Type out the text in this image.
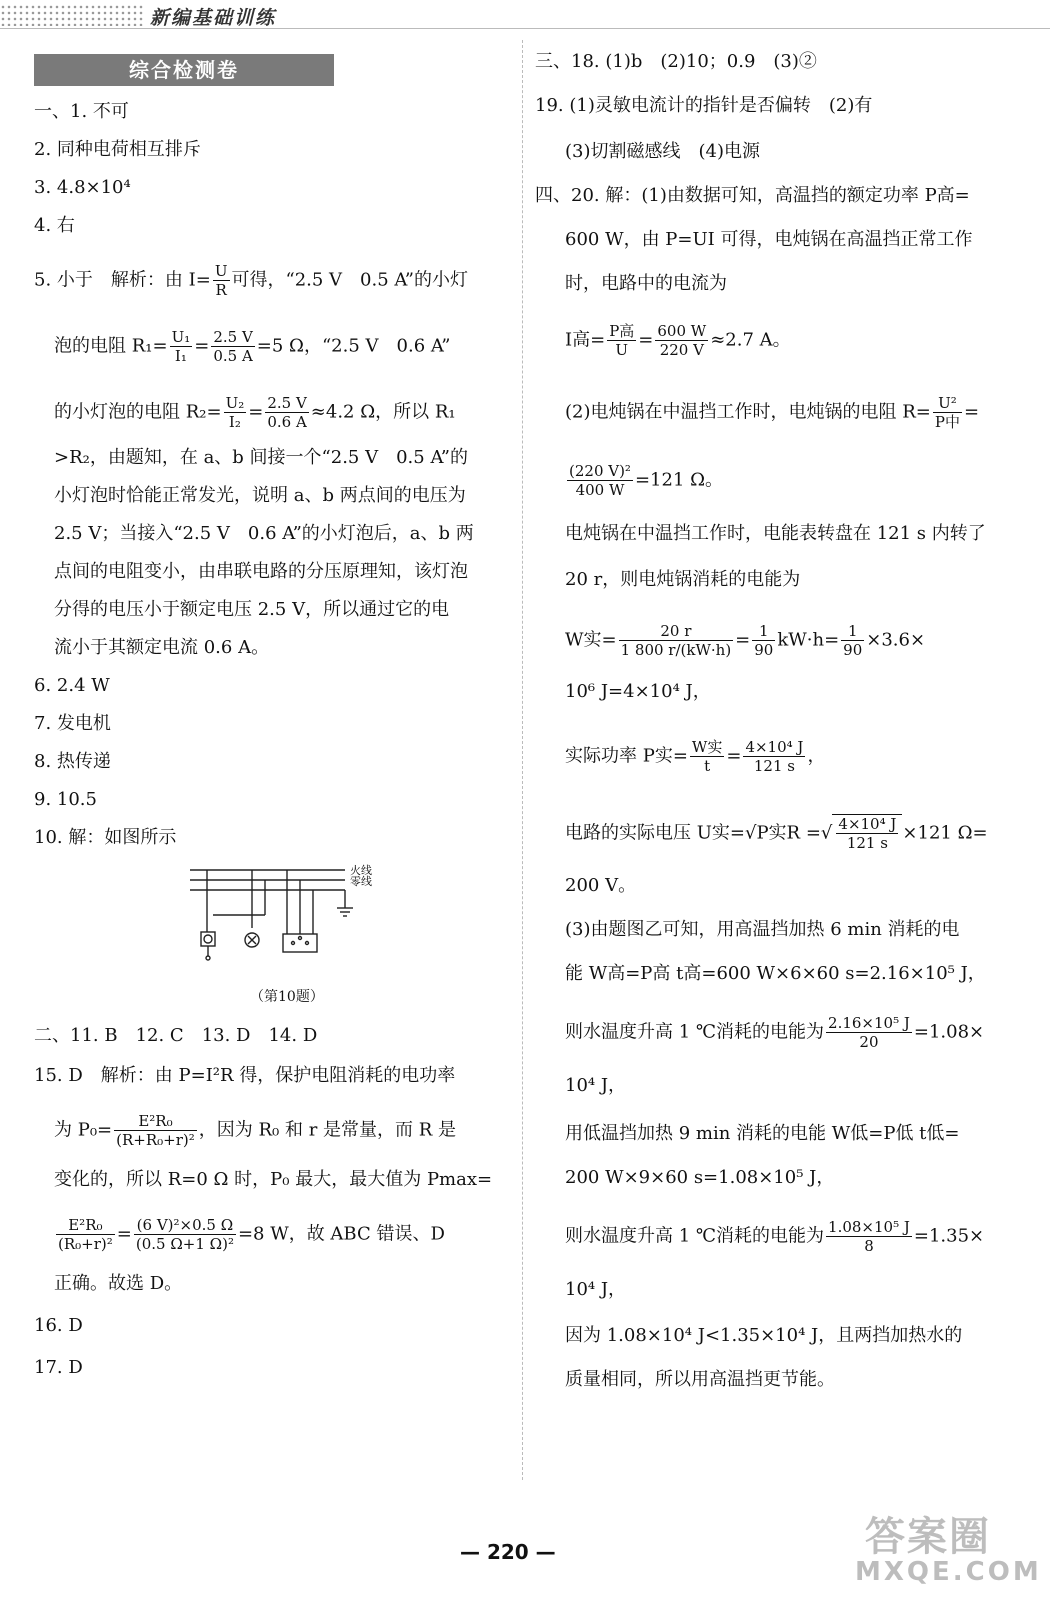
新编基础训练
综合检测卷
一、1. 不可
2. 同种电荷相互排斥
3. 4.8×10⁴
4. 右
5. 小于　解析：由 $I= \frac{U}{R}$ 可得，“2.5 V　0.5 A”的小灯
泡的电阻 $R_1= \frac{\text{U₁}}{\text{I₁}} = \frac{2.5 V}{0.5 A} =5$ Ω，“2.5 V　0.6 A”
的小灯泡的电阻 $R_2= \frac{\text{U₂}}{\text{I₂}} = \frac{2.5 V}{0.6 A} \approx 4.2$ Ω，所以 R₁
>R₂，由题知，在 a、b 间接一个“2.5 V　0.5 A”的
小灯泡时恰能正常发光，说明 a、b 两点间的电压为
2.5 V；当接入“2.5 V　0.6 A”的小灯泡后，a、b 两
点间的电阻变小，由串联电路的分压原理知，该灯泡
分得的电压小于额定电压 2.5 V，所以通过它的电
流小于其额定电流 0.6 A。
6. 2.4 W
7. 发电机
8. 热传递
9. 10.5
10. 解：如图所示
火线
零线
（第10题）
二、11. B　12. C　13. D　14. D
15. D　解析：由 P=I²R 得，保护电阻消耗的电功率
为 $P_0= \frac{\text{E²R₀}}{\text{(R+R₀+r)²}}$ ，因为 R₀ 和 r 是常量，而 R 是
变化的，所以 R=0 Ω 时，P₀ 最大，最大值为 Pmax=
$\frac{\text{E²R₀}}{\text{(R₀+r)²}} = \frac{\text{(6 V)²×0.5 Ω}}{\text{(0.5 Ω+1 Ω)²}} =8$ W，故 ABC 错误、D
正确。故选 D。
16. D
17. D
三、18. (1)b　(2)10；0.9　(3)②
19. (1)灵敏电流计的指针是否偏转　(2)有
(3)切割磁感线　(4)电源
四、20. 解：(1)由数据可知，高温挡的额定功率 P高=
600 W，由 P=UI 可得，电炖锅在高温挡正常工作
时，电路中的电流为
I高= $\frac{\text{P高}}{U} = \frac{600 W}{220 V} \approx 2.7$ A。
(2)电炖锅在中温挡工作时，电炖锅的电阻 $R= \frac{\text{U²}}{\text{P中}}$ =
$\frac{\text{(220 V)²}}{400 W} =121$ Ω。
电炖锅在中温挡工作时，电能表转盘在 121 s 内转了
20 r，则电炖锅消耗的电能为
W实= $\frac{20 r}{1 800 r/(kW\cdot h)} = \frac{1}{90} kW\cdot h= \frac{1}{90} \times 3.6\times$
10⁶ J=4×10⁴ J，
实际功率 P实= $\frac{\text{W实}}{t} = \frac{\text{4×10⁴ J}}{121 s}$ ，
电路的实际电压 U实=√P实R =√ $\frac{\text{4×10⁴ J}}{121 s} \times 121$ Ω=
200 V。
(3)由题图乙可知，用高温挡加热 6 min 消耗的电
能 W高=P高 t高=600 W×6×60 s=2.16×10⁵ J，
则水温度升高 1 ℃消耗的电能为 $\frac{\text{2.16×10⁵ J}}{20} =1.08\times$
10⁴ J，
用低温挡加热 9 min 消耗的电能 W低=P低 t低=
200 W×9×60 s=1.08×10⁵ J，
则水温度升高 1 ℃消耗的电能为 $\frac{\text{1.08×10⁵ J}}{8} =1.35\times$
10⁴ J，
因为 1.08×10⁴ J<1.35×10⁴ J，且两挡加热水的
质量相同，所以用高温挡更节能。
— 220 —	答案圈
MXQE.COM
